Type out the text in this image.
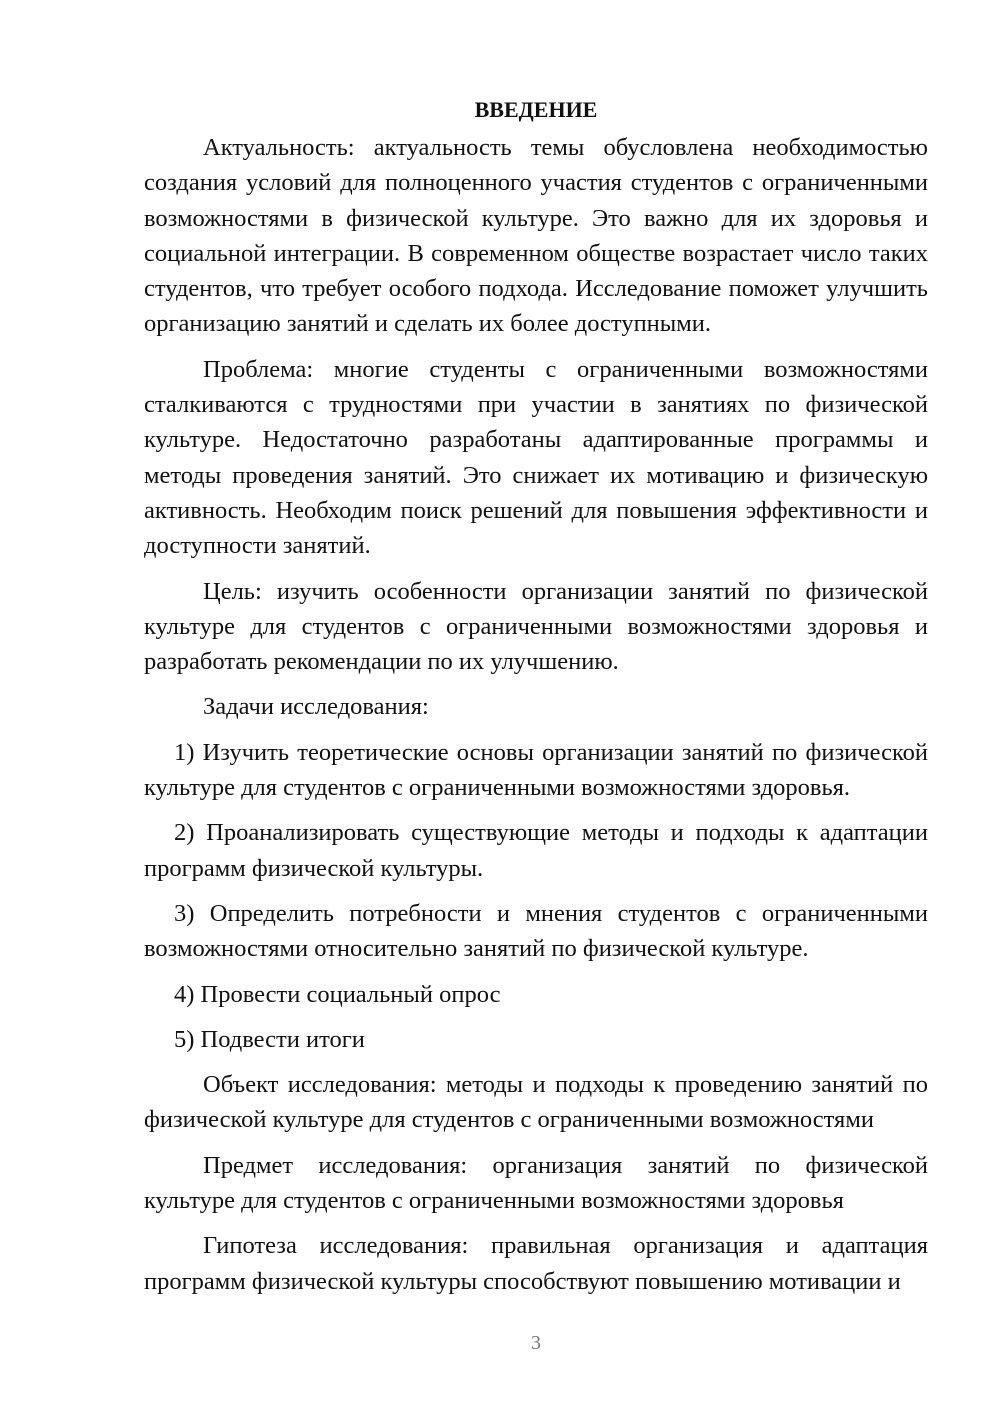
ВВЕДЕНИЕ

Актуальность: актуальность темы обусловлена необходимостью создания условий для полноценного участия студентов с ограниченными возможностями в физической культуре. Это важно для их здоровья и социальной интеграции. В современном обществе возрастает число таких студентов, что требует особого подхода. Исследование поможет улучшить организацию занятий и сделать их более доступными.

Проблема: многие студенты с ограниченными возможностями сталкиваются с трудностями при участии в занятиях по физической культуре. Недостаточно разработаны адаптированные программы и методы проведения занятий. Это снижает их мотивацию и физическую активность. Необходим поиск решений для повышения эффективности и доступности занятий.

Цель: изучить особенности организации занятий по физической культуре для студентов с ограниченными возможностями здоровья и разработать рекомендации по их улучшению.

Задачи исследования:

1) Изучить теоретические основы организации занятий по физической культуре для студентов с ограниченными возможностями здоровья.

2) Проанализировать существующие методы и подходы к адаптации программ физической культуры.

3) Определить потребности и мнения студентов с ограниченными возможностями относительно занятий по физической культуре.

4) Провести социальный опрос

5) Подвести итоги

Объект исследования: методы и подходы к проведению занятий по физической культуре для студентов с ограниченными возможностями

Предмет исследования: организация занятий по физической культуре для студентов с ограниченными возможностями здоровья

Гипотеза исследования: правильная организация и адаптация программ физической культуры способствуют повышению мотивации и

3
